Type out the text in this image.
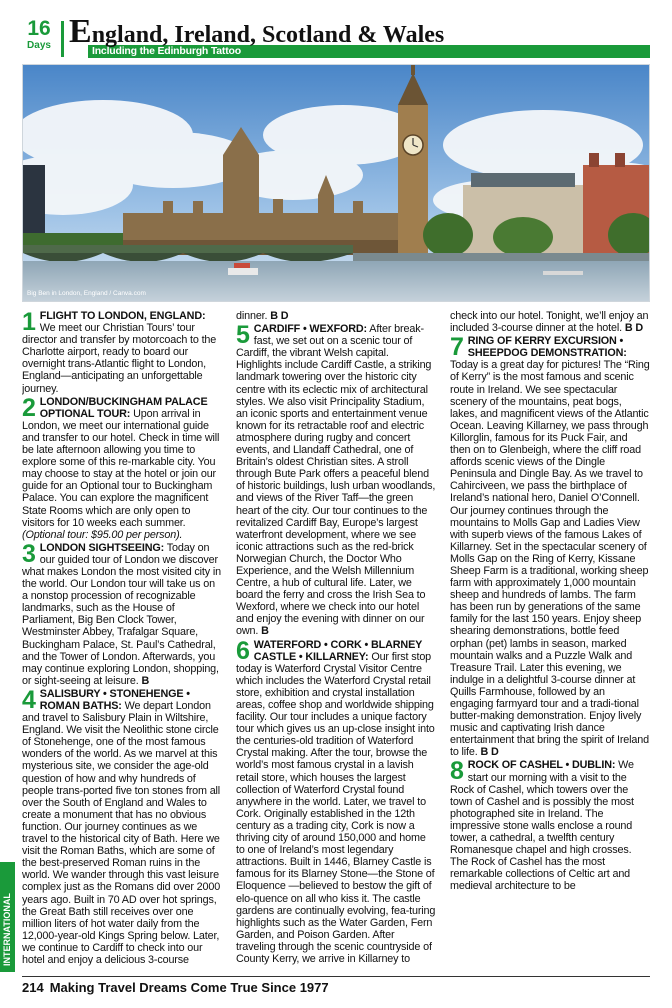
16
Days	Including the Edinburgh Tattoo
England, Ireland, Scotland & Wales
Big Ben in London, England / Canva.com
1 FLIGHT TO LONDON, ENGLAND: We meet our Christian Tours’ tour director and transfer by motorcoach to the Charlotte airport, ready to board our overnight trans-Atlantic flight to London, England—anticipating an unforgettable journey.
2 LONDON/BUCKINGHAM PALACE OPTIONAL TOUR: Upon arrival in London, we meet our international guide and transfer to our hotel. Check in time will be late afternoon allowing you time to explore some of this re-markable city. You may choose to stay at the hotel or join our guide for an Optional tour to Buckingham Palace. You can explore the magnificent State Rooms which are only open to visitors for 10 weeks each summer. (Optional tour: $95.00 per person).
3 LONDON SIGHTSEEING: Today on our guided tour of London we discover what makes London the most visited city in the world. Our London tour will take us on a nonstop procession of recognizable landmarks, such as the House of Parliament, Big Ben Clock Tower, Westminster Abbey, Trafalgar Square, Buckingham Palace, St. Paul’s Cathedral, and the Tower of London. Afterwards, you may continue exploring London, shopping, or sight-seeing at leisure. B
4 SALISBURY • STONEHENGE • ROMAN BATHS: We depart London and travel to Salisbury Plain in Wiltshire, England. We visit the Neolithic stone circle of Stonehenge, one of the most famous wonders of the world. As we marvel at this mysterious site, we consider the age-old question of how and why hundreds of people trans-ported five ton stones from all over the South of England and Wales to create a monument that has no obvious function. Our journey continues as we travel to the historical city of Bath. Here we visit the Roman Baths, which are some of the best-preserved Roman ruins in the world. We wander through this vast leisure complex just as the Romans did over 2000 years ago. Built in 70 AD over hot springs, the Great Bath still receives over one million liters of hot water daily from the 12,000-year-old Kings Spring below. Later, we continue to Cardiff to check into our hotel and enjoy a delicious 3-course
dinner. B D
5 CARDIFF • WEXFORD: After break-fast, we set out on a scenic tour of Cardiff, the vibrant Welsh capital. Highlights include Cardiff Castle, a striking landmark towering over the historic city centre with its eclectic mix of architectural styles. We also visit Principality Stadium, an iconic sports and entertainment venue known for its retractable roof and electric atmosphere during rugby and concert events, and Llandaff Cathedral, one of Britain’s oldest Christian sites. A stroll through Bute Park offers a peaceful blend of historic buildings, lush urban woodlands, and views of the River Taff—the green heart of the city. Our tour continues to the revitalized Cardiff Bay, Europe’s largest waterfront development, where we see iconic attractions such as the red-brick Norwegian Church, the Doctor Who Experience, and the Welsh Millennium Centre, a hub of cultural life. Later, we board the ferry and cross the Irish Sea to Wexford, where we check into our hotel and enjoy the evening with dinner on our own. B
6 WATERFORD • CORK • BLARNEY CASTLE • KILLARNEY: Our first stop today is Waterford Crystal Visitor Centre which includes the Waterford Crystal retail store, exhibition and crystal installation areas, coffee shop and worldwide shipping facility. Our tour includes a unique factory tour which gives us an up-close insight into the centuries-old tradition of Waterford Crystal making. After the tour, browse the world’s most famous crystal in a lavish retail store, which houses the largest collection of Waterford Crystal found anywhere in the world. Later, we travel to Cork. Originally established in the 12th century as a trading city, Cork is now a thriving city of around 150,000 and home to one of Ireland’s most legendary attractions. Built in 1446, Blarney Castle is famous for its Blarney Stone—the Stone of Eloquence —believed to bestow the gift of elo-quence on all who kiss it. The castle gardens are continually evolving, fea-turing highlights such as the Water Garden, Fern Garden, and Poison Garden. After traveling through the scenic countryside of County Kerry, we arrive in Killarney to
check into our hotel. Tonight, we’ll enjoy an included 3-course dinner at the hotel. B D
7 RING OF KERRY EXCURSION • SHEEPDOG DEMONSTRATION: Today is a great day for pictures! The “Ring of Kerry” is the most famous and scenic route in Ireland. We see spectacular scenery of the mountains, peat bogs, lakes, and magnificent views of the Atlantic Ocean. Leaving Killarney, we pass through Killorglin, famous for its Puck Fair, and then on to Glenbeigh, where the cliff road affords scenic views of the Dingle Peninsula and Dingle Bay. As we travel to Cahirciveen, we pass the birthplace of Ireland’s national hero, Daniel O’Connell. Our journey continues through the mountains to Molls Gap and Ladies View with superb views of the famous Lakes of Killarney. Set in the spectacular scenery of Molls Gap on the Ring of Kerry, Kissane Sheep Farm is a traditional, working sheep farm with approximately 1,000 mountain sheep and hundreds of lambs. The farm has been run by generations of the same family for the last 150 years. Enjoy sheep shearing demonstrations, bottle feed orphan (pet) lambs in season, marked mountain walks and a Puzzle Walk and Treasure Trail. Later this evening, we indulge in a delightful 3-course dinner at Quills Farmhouse, followed by an engaging farmyard tour and a tradi-tional butter-making demonstration. Enjoy lively music and captivating Irish dance entertainment that bring the spirit of Ireland to life. B D
8 ROCK OF CASHEL • DUBLIN: We start our morning with a visit to the Rock of Cashel, which towers over the town of Cashel and is possibly the most photographed site in Ireland. The impressive stone walls enclose a round tower, a cathedral, a twelfth century Romanesque chapel and high crosses. The Rock of Cashel has the most remarkable collections of Celtic art and medieval architecture to be
INTERNATIONAL
214 Making Travel Dreams Come True Since 1977
